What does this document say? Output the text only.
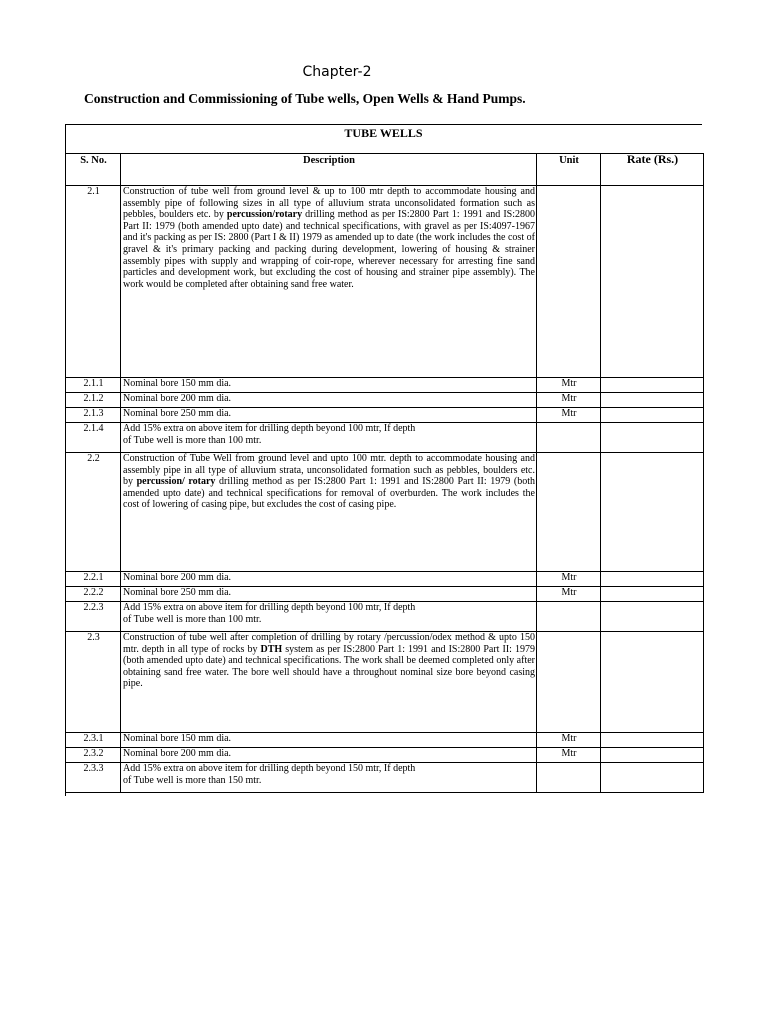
Chapter-2
Construction and Commissioning of Tube wells, Open Wells & Hand Pumps.
TUBE WELLS
S. No.	Description	Unit	Rate (Rs.)
2.1	Construction of tube well from ground level & up to 100 mtr depth to accommodate housing and assembly pipe of following sizes in all type of alluvium strata unconsolidated formation such as pebbles, boulders etc. by percussion/rotary drilling method as per IS:2800 Part 1: 1991 and IS:2800 Part II: 1979 (both amended upto date) and technical specifications, with gravel as per IS:4097-1967 and it's packing as per IS: 2800 (Part I & II) 1979 as amended up to date (the work includes the cost of gravel & it's primary packing and packing during development, lowering of housing & strainer assembly pipes with supply and wrapping of coir-rope, wherever necessary for arresting fine sand particles and development work, but excluding the cost of housing and strainer pipe assembly). The work would be completed after obtaining sand free water.		
2.1.1	Nominal bore 150 mm dia.	Mtr	
2.1.2	Nominal bore 200 mm dia.	Mtr	
2.1.3	Nominal bore 250 mm dia.	Mtr	
2.1.4	Add 15% extra on above item for drilling depth beyond 100 mtr, If depth
of Tube well is more than 100 mtr.		

2.2	Construction of Tube Well from ground level and upto 100 mtr. depth to accommodate housing and assembly pipe in all type of alluvium strata, unconsolidated formation such as pebbles, boulders etc. by percussion/ rotary drilling method as per IS:2800 Part 1: 1991 and IS:2800 Part II: 1979 (both amended upto date) and technical specifications for removal of overburden. The work includes the cost of lowering of casing pipe, but excludes the cost of casing pipe.		
2.2.1	Nominal bore 200 mm dia.	Mtr	
2.2.2	Nominal bore 250 mm dia.	Mtr	
2.2.3	Add 15% extra on above item for drilling depth beyond 100 mtr, If depth
of Tube well is more than 100 mtr.		

2.3	Construction of tube well after completion of drilling by rotary /percussion/odex method & upto 150 mtr. depth in all type of rocks by DTH system as per IS:2800 Part 1: 1991 and IS:2800 Part II: 1979 (both amended upto date) and technical specifications. The work shall be deemed completed only after obtaining sand free water. The bore well should have a throughout nominal size bore beyond casing pipe.		
2.3.1	Nominal bore 150 mm dia.	Mtr	
2.3.2	Nominal bore 200 mm dia.	Mtr	
2.3.3	Add 15% extra on above item for drilling depth beyond 150 mtr, If depth
of Tube well is more than 150 mtr.		
